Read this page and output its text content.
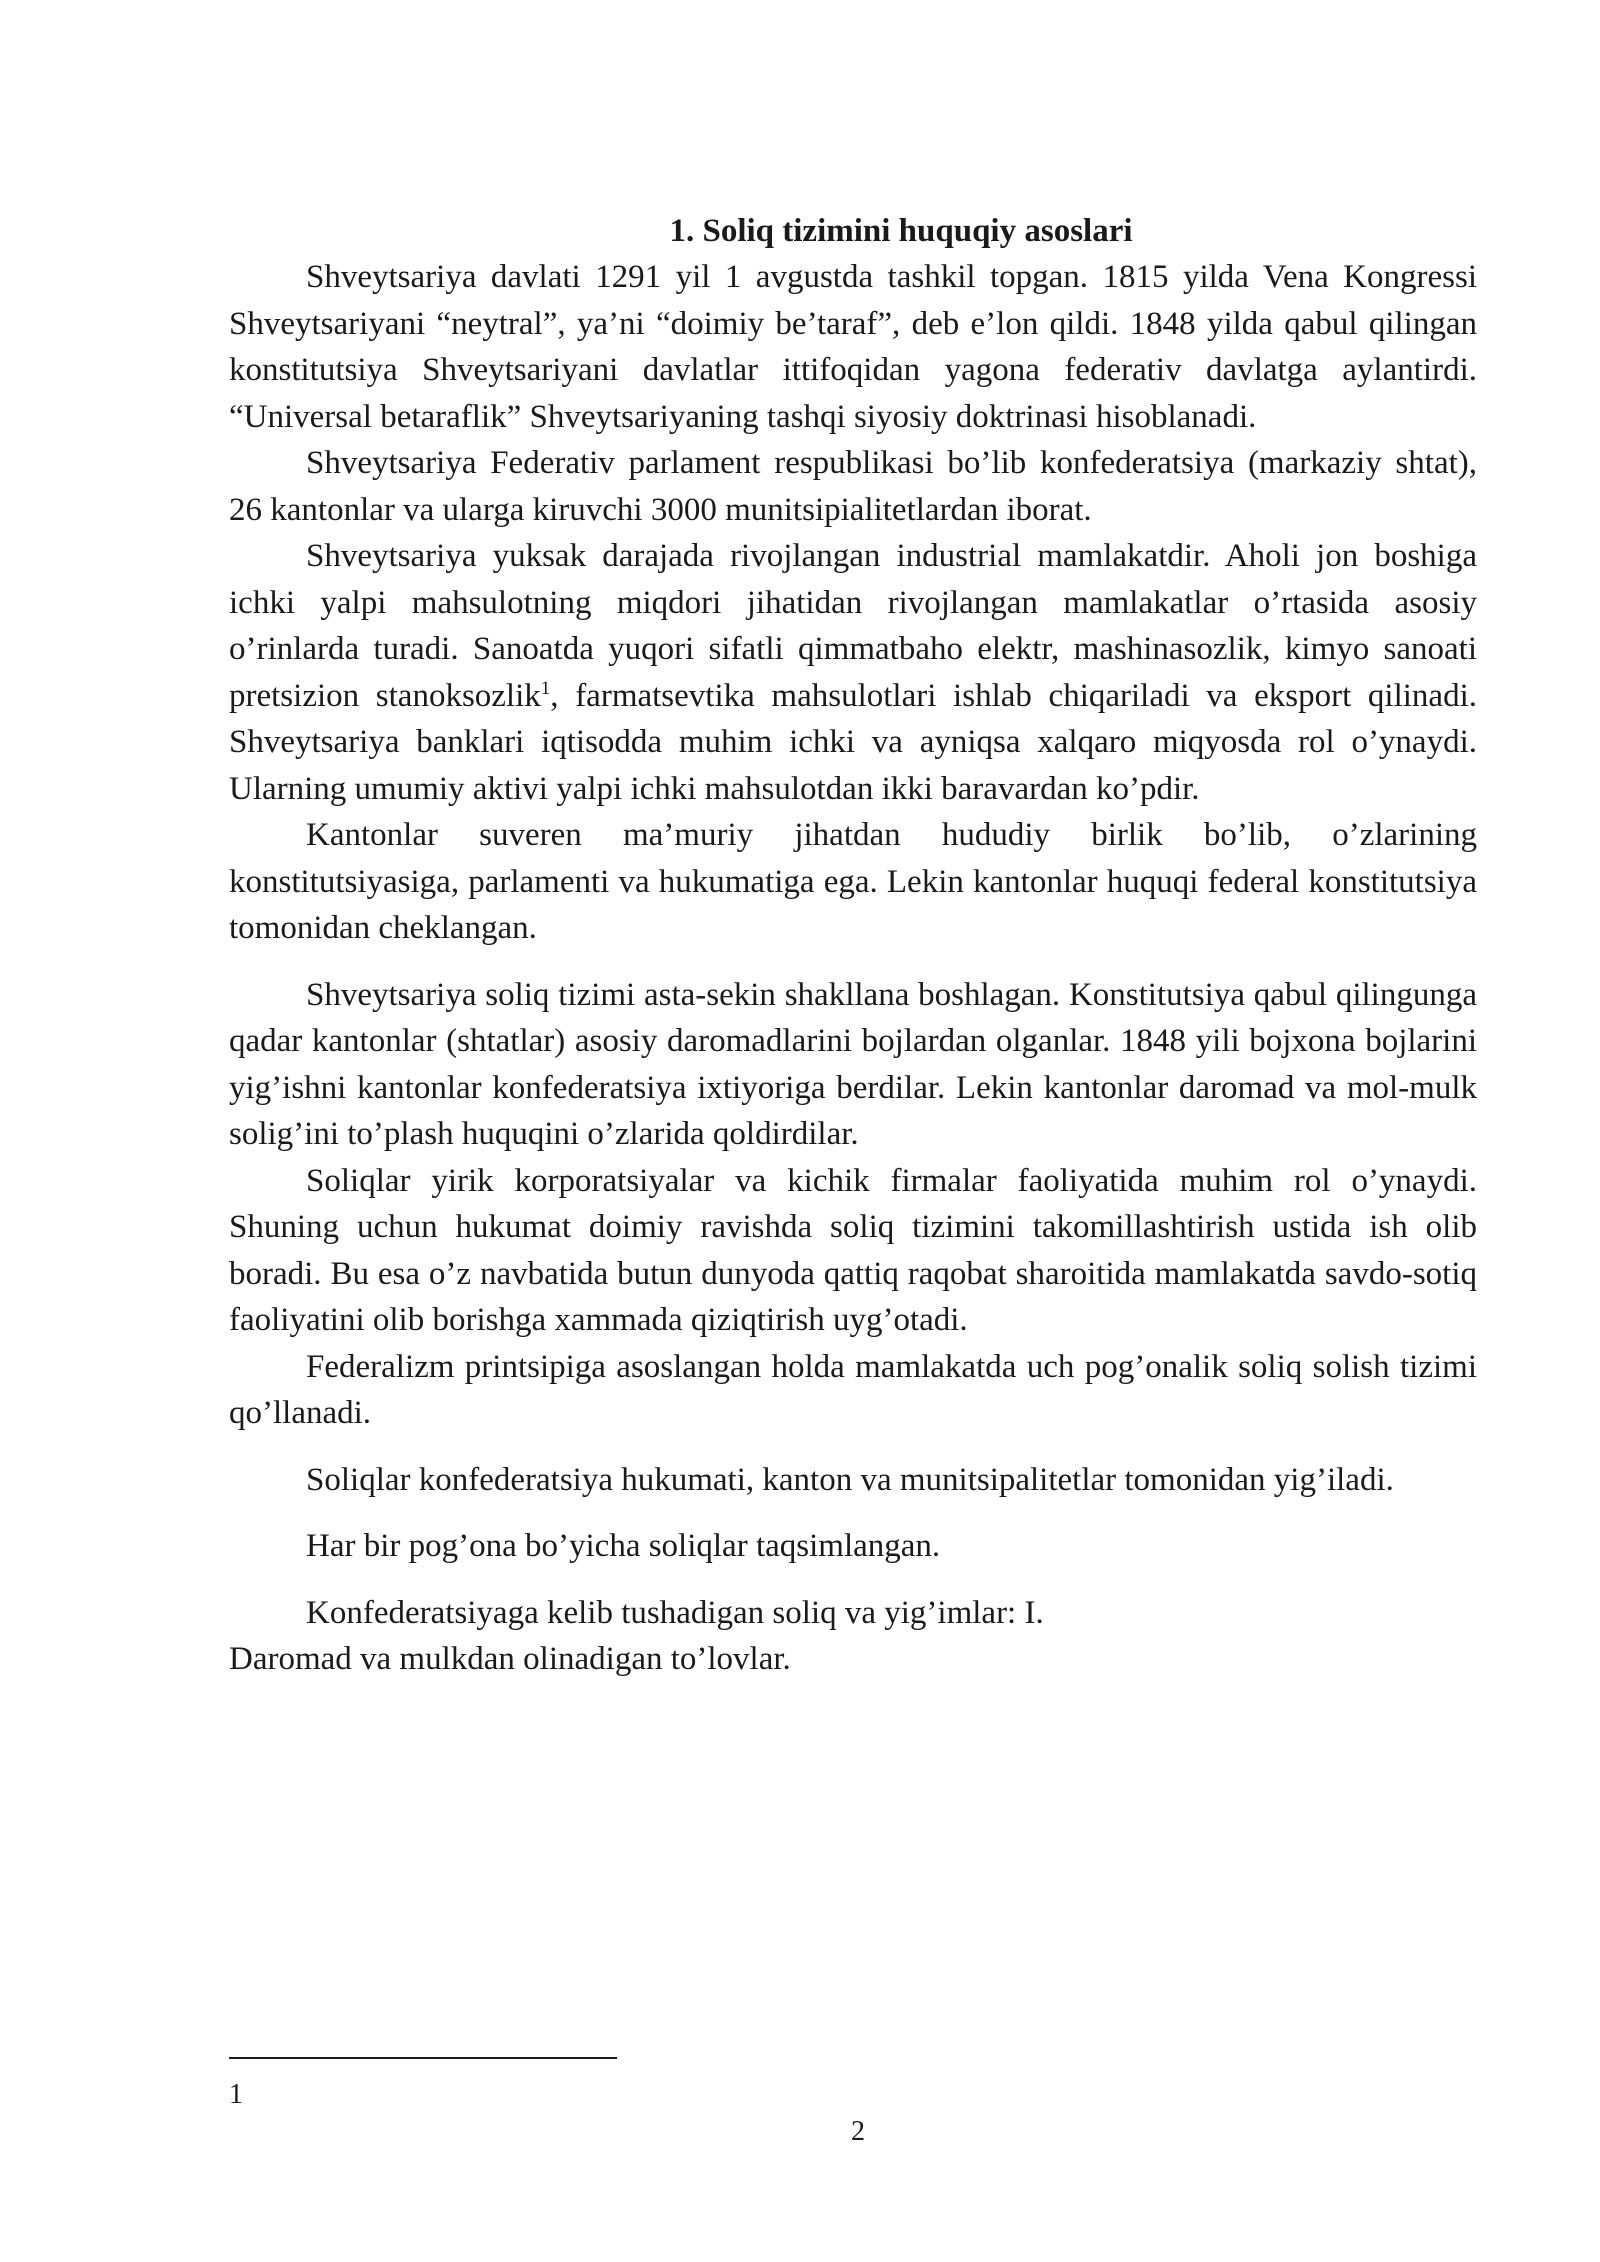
1. Soliq tizimini huquqiy asoslari

Shveytsariya davlati 1291 yil 1 avgustda tashkil topgan. 1815 yilda Vena Kongressi Shveytsariyani “neytral”, ya’ni “doimiy be’taraf”, deb e’lon qildi. 1848 yilda qabul qilingan konstitutsiya Shveytsariyani davlatlar ittifoqidan yagona federativ davlatga aylantirdi. “Universal betaraflik” Shveytsariyaning tashqi siyosiy doktrinasi hisoblanadi.

Shveytsariya Federativ parlament respublikasi bo’lib konfederatsiya (markaziy shtat), 26 kantonlar va ularga kiruvchi 3000 munitsipialitetlardan iborat.

Shveytsariya yuksak darajada rivojlangan industrial mamlakatdir. Aholi jon boshiga ichki yalpi mahsulotning miqdori jihatidan rivojlangan mamlakatlar o’rtasida asosiy o’rinlarda turadi. Sanoatda yuqori sifatli qimmatbaho elektr, mashinasozlik, kimyo sanoati pretsizion stanoksozlik$^1$, farmatsevtika mahsulotlari ishlab chiqariladi va eksport qilinadi. Shveytsariya banklari iqtisodda muhim ichki va ayniqsa xalqaro miqyosda rol o’ynaydi. Ularning umumiy aktivi yalpi ichki mahsulotdan ikki baravardan ko’pdir.

Kantonlar suveren ma’muriy jihatdan hududiy birlik bo’lib, o’zlarining konstitutsiyasiga, parlamenti va hukumatiga ega. Lekin kantonlar huquqi federal konstitutsiya tomonidan cheklangan.

Shveytsariya soliq tizimi asta-sekin shakllana boshlagan. Konstitutsiya qabul qilingunga qadar kantonlar (shtatlar) asosiy daromadlarini bojlardan olganlar. 1848 yili bojxona bojlarini yig’ishni kantonlar konfederatsiya ixtiyoriga berdilar. Lekin kantonlar daromad va mol-mulk solig’ini to’plash huquqini o’zlarida qoldirdilar.

Soliqlar yirik korporatsiyalar va kichik firmalar faoliyatida muhim rol o’ynaydi. Shuning uchun hukumat doimiy ravishda soliq tizimini takomillashtirish ustida ish olib boradi. Bu esa o’z navbatida butun dunyoda qattiq raqobat sharoitida mamlakatda savdo-sotiq faoliyatini olib borishga xammada qiziqtirish uyg’otadi.

Federalizm printsipiga asoslangan holda mamlakatda uch pog’onalik soliq solish tizimi qo’llanadi.

Soliqlar konfederatsiya hukumati, kanton va munitsipalitetlar tomonidan yig’iladi.

Har bir pog’ona bo’yicha soliqlar taqsimlangan.

Konfederatsiyaga kelib tushadigan soliq va yig’imlar: I.
Daromad va mulkdan olinadigan to’lovlar.

1
2
